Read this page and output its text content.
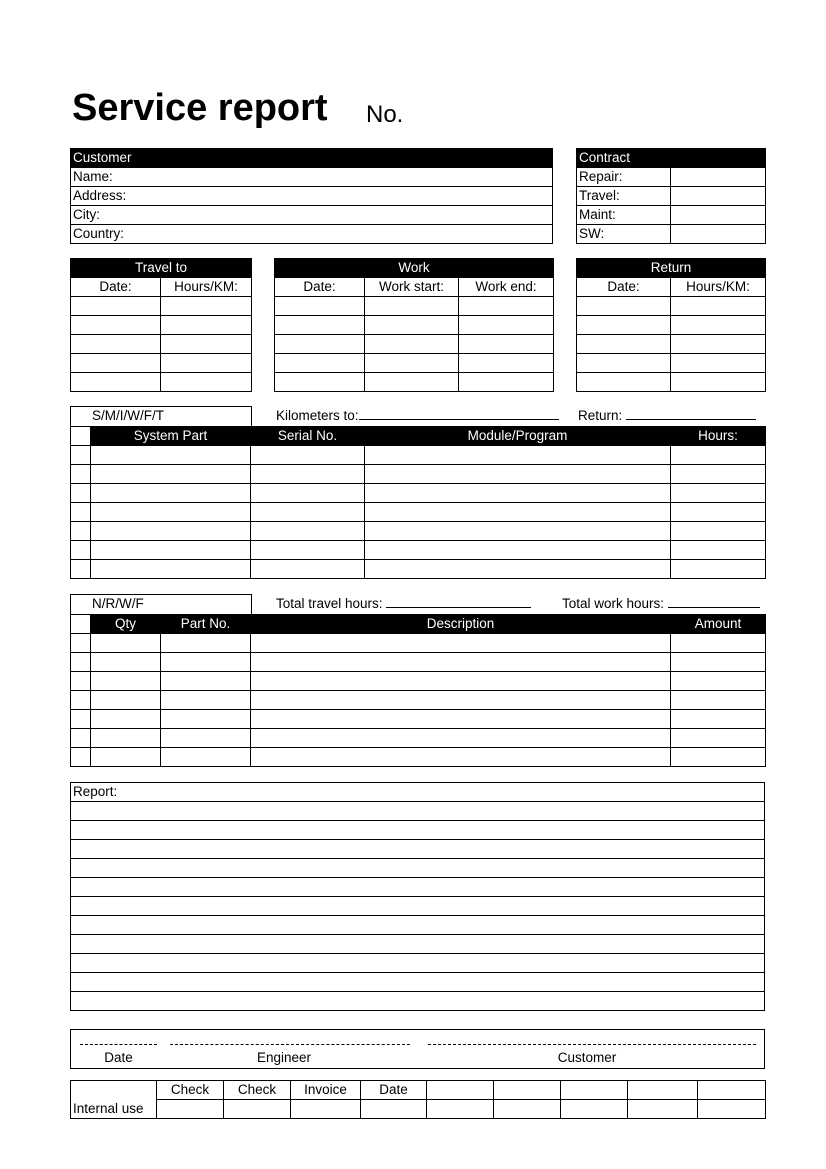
Service report No.
Customer
Name:
Address:
City:
Country:
Contract	
Repair:	
Travel:	
Maint:	
SW:	
Travel to	
Date:	Hours/KM:

Work		
Date:	Work start:	Work end:

Return	
Date:	Hours/KM:

S/M/I/W/F/T	Kilometers to:	Return:
	System Part	Serial No.	Module/Program	Hours:

N/R/W/F	Total travel hours:	Total work hours:
	Qty	Part No.	Description	Amount

Report:

Date	Engineer	Customer
Internal use	Check	Check	Invoice	Date					
